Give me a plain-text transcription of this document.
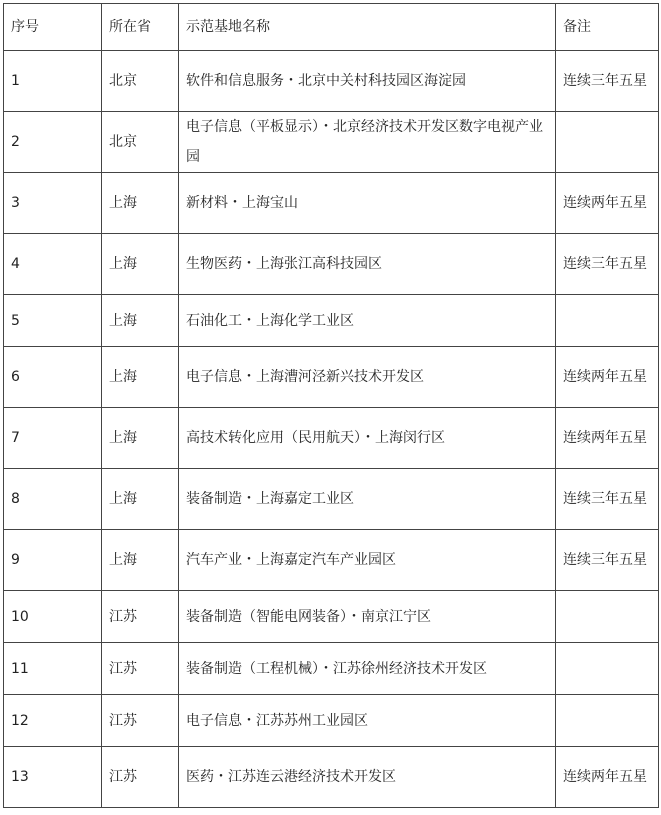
序号	所在省	示范基地名称	备注
1	北京	软件和信息服务・北京中关村科技园区海淀园	连续三年五星
2	北京	电子信息（平板显示）・北京经济技术开发区数字电视产业园	
3	上海	新材料・上海宝山	连续两年五星
4	上海	生物医药・上海张江高科技园区	连续三年五星
5	上海	石油化工・上海化学工业区	
6	上海	电子信息・上海漕河泾新兴技术开发区	连续两年五星
7	上海	高技术转化应用（民用航天）・上海闵行区	连续两年五星
8	上海	装备制造・上海嘉定工业区	连续三年五星
9	上海	汽车产业・上海嘉定汽车产业园区	连续三年五星
10	江苏	装备制造（智能电网装备）・南京江宁区	
11	江苏	装备制造（工程机械）・江苏徐州经济技术开发区	
12	江苏	电子信息・江苏苏州工业园区	
13	江苏	医药・江苏连云港经济技术开发区	连续两年五星
